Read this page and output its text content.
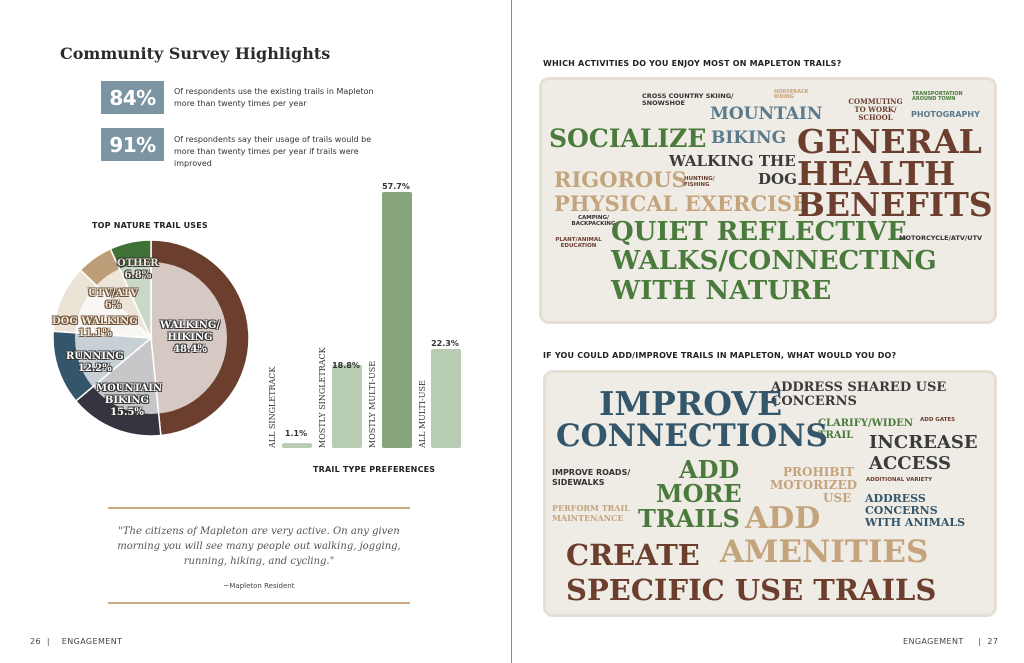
Community Survey Highlights
84%	Of respondents use the existing trails in Mapleton more than twenty times per year
91%	Of respondents say their usage of trails would be more than twenty times per year if trails were improved
TOP NATURE TRAIL USES
WALKING/ HIKING
48.4%
MOUNTAIN BIKING
15.5%
RUNNING
12.2%
DOG WALKING
11.1%
UTV/ATV
6%
OTHER
6.8%
1.1%
18.8%
57.7%
22.3%
ALL SINGLETRACK	MOSTLY SINGLETRACK	MOSTLY MULTI-USE	ALL MULTI-USE
TRAIL TYPE PREFERENCES
"The citizens of Mapleton are very active. On any given morning you will see many people out walking, jogging, running, hiking, and cycling."
~Mapleton Resident
26  |    ENGAGEMENT
WHICH ACTIVITIES DO YOU ENJOY MOST ON MAPLETON TRAILS?
CROSS COUNTRY SKIING/ SNOWSHOE
HORSEBACK RIDING
MOUNTAIN
COMMUTING TO WORK/ SCHOOL
TRANSPORTATION AROUND TOWN
PHOTOGRAPHY
SOCIALIZE BIKING GENERAL
WALKING THE HEALTH
RIGOROUS
HUNTING/ FISHING	DOG
PHYSICAL EXERCISE
BENEFITS
CAMPING/ BACKPACKING
QUIET REFLECTIVE
PLANT/ANIMAL EDUCATION
MOTORCYCLE/ATV/UTV
WALKS/CONNECTING
WITH NATURE
IF YOU COULD ADD/IMPROVE TRAILS IN MAPLETON, WHAT WOULD YOU DO?
ADDRESS SHARED USE
CONCERNS
IMPROVE
CLARIFY/WIDEN TRAIL
ADD GATES
CONNECTIONS INCREASE
ACCESS
ADD
IMPROVE ROADS/ SIDEWALKS
PROHIBIT
ADDITIONAL VARIETY
MORE MOTORIZED
USE ADDRESS
PERFORM TRAIL MAINTENANCE TRAILS ADD	CONCERNS
WITH ANIMALS
CREATE AMENITIES
SPECIFIC USE TRAILS
ENGAGEMENT     |  27
